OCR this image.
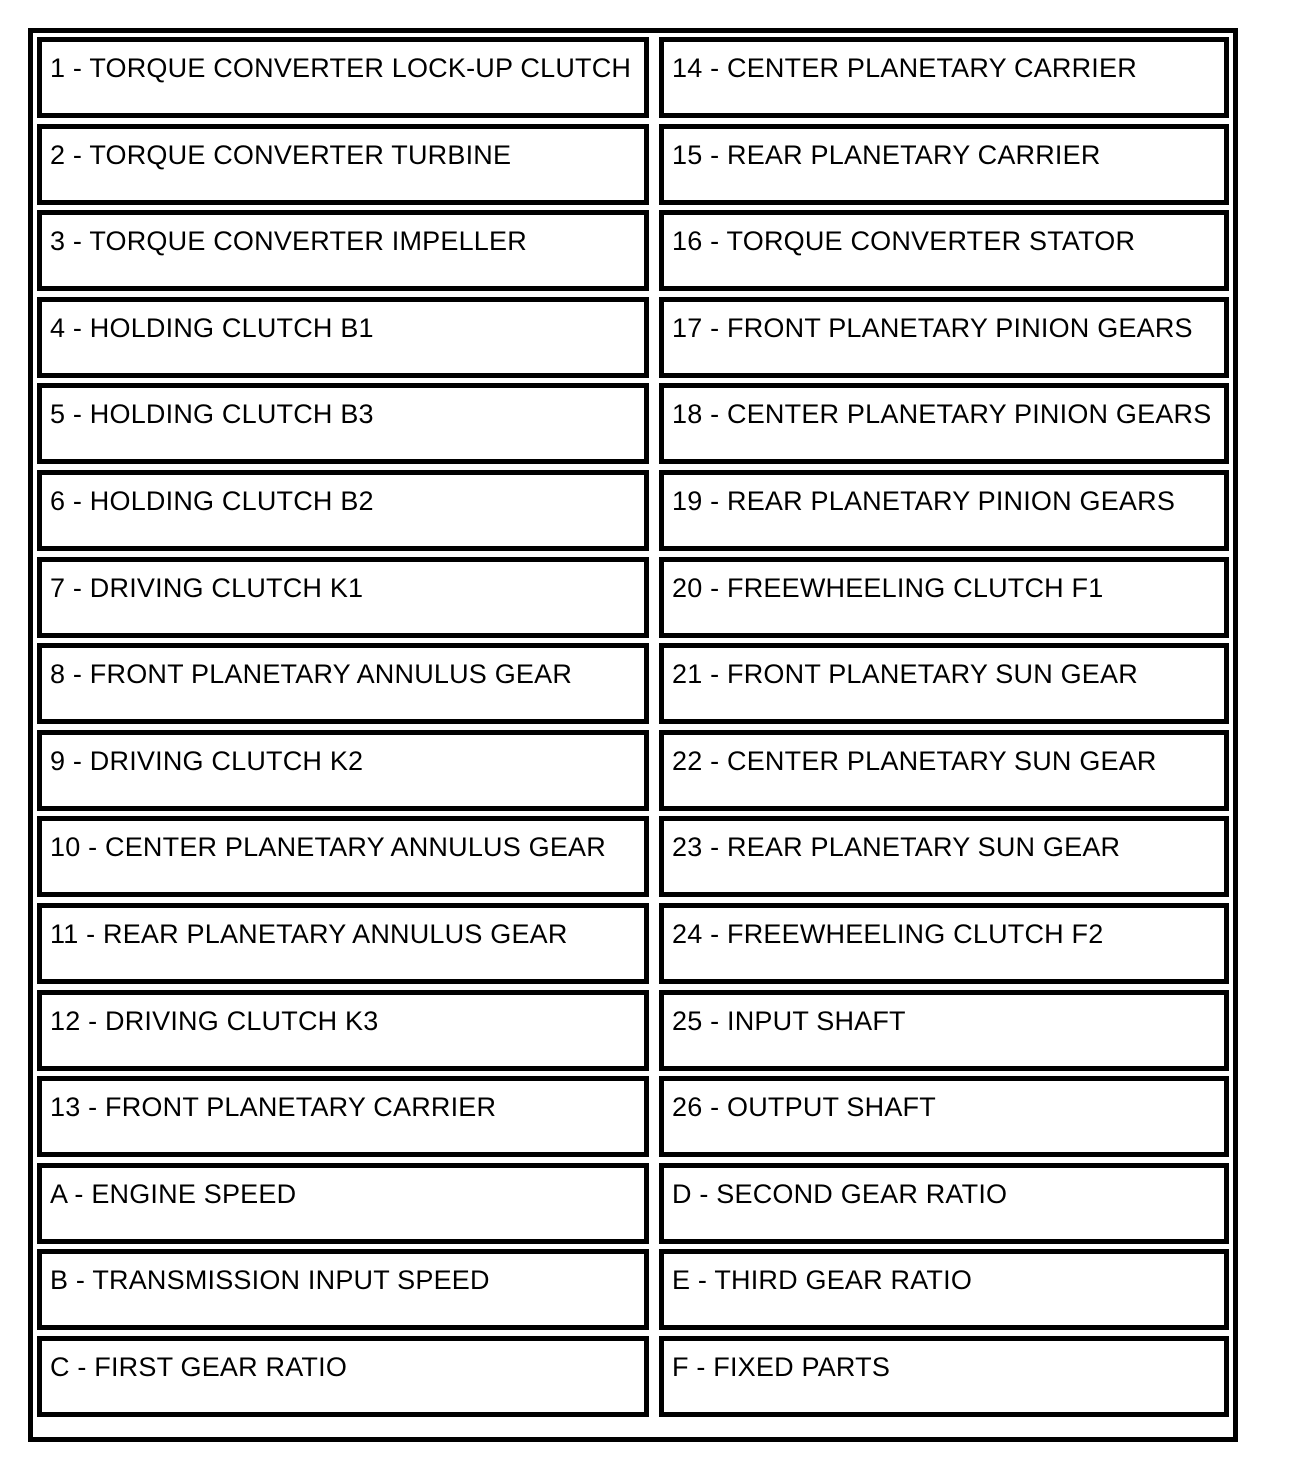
1 - TORQUE CONVERTER LOCK-UP CLUTCH	14 - CENTER PLANETARY CARRIER
2 - TORQUE CONVERTER TURBINE	15 - REAR PLANETARY CARRIER
3 - TORQUE CONVERTER IMPELLER	16 - TORQUE CONVERTER STATOR
4 - HOLDING CLUTCH B1	17 - FRONT PLANETARY PINION GEARS
5 - HOLDING CLUTCH B3	18 - CENTER PLANETARY PINION GEARS
6 - HOLDING CLUTCH B2	19 - REAR PLANETARY PINION GEARS
7 - DRIVING CLUTCH K1	20 - FREEWHEELING CLUTCH F1
8 - FRONT PLANETARY ANNULUS GEAR	21 - FRONT PLANETARY SUN GEAR
9 - DRIVING CLUTCH K2	22 - CENTER PLANETARY SUN GEAR
10 - CENTER PLANETARY ANNULUS GEAR	23 - REAR PLANETARY SUN GEAR
11 - REAR PLANETARY ANNULUS GEAR	24 - FREEWHEELING CLUTCH F2
12 - DRIVING CLUTCH K3	25 - INPUT SHAFT
13 - FRONT PLANETARY CARRIER	26 - OUTPUT SHAFT
A - ENGINE SPEED	D - SECOND GEAR RATIO
B - TRANSMISSION INPUT SPEED	E - THIRD GEAR RATIO
C - FIRST GEAR RATIO	F - FIXED PARTS
